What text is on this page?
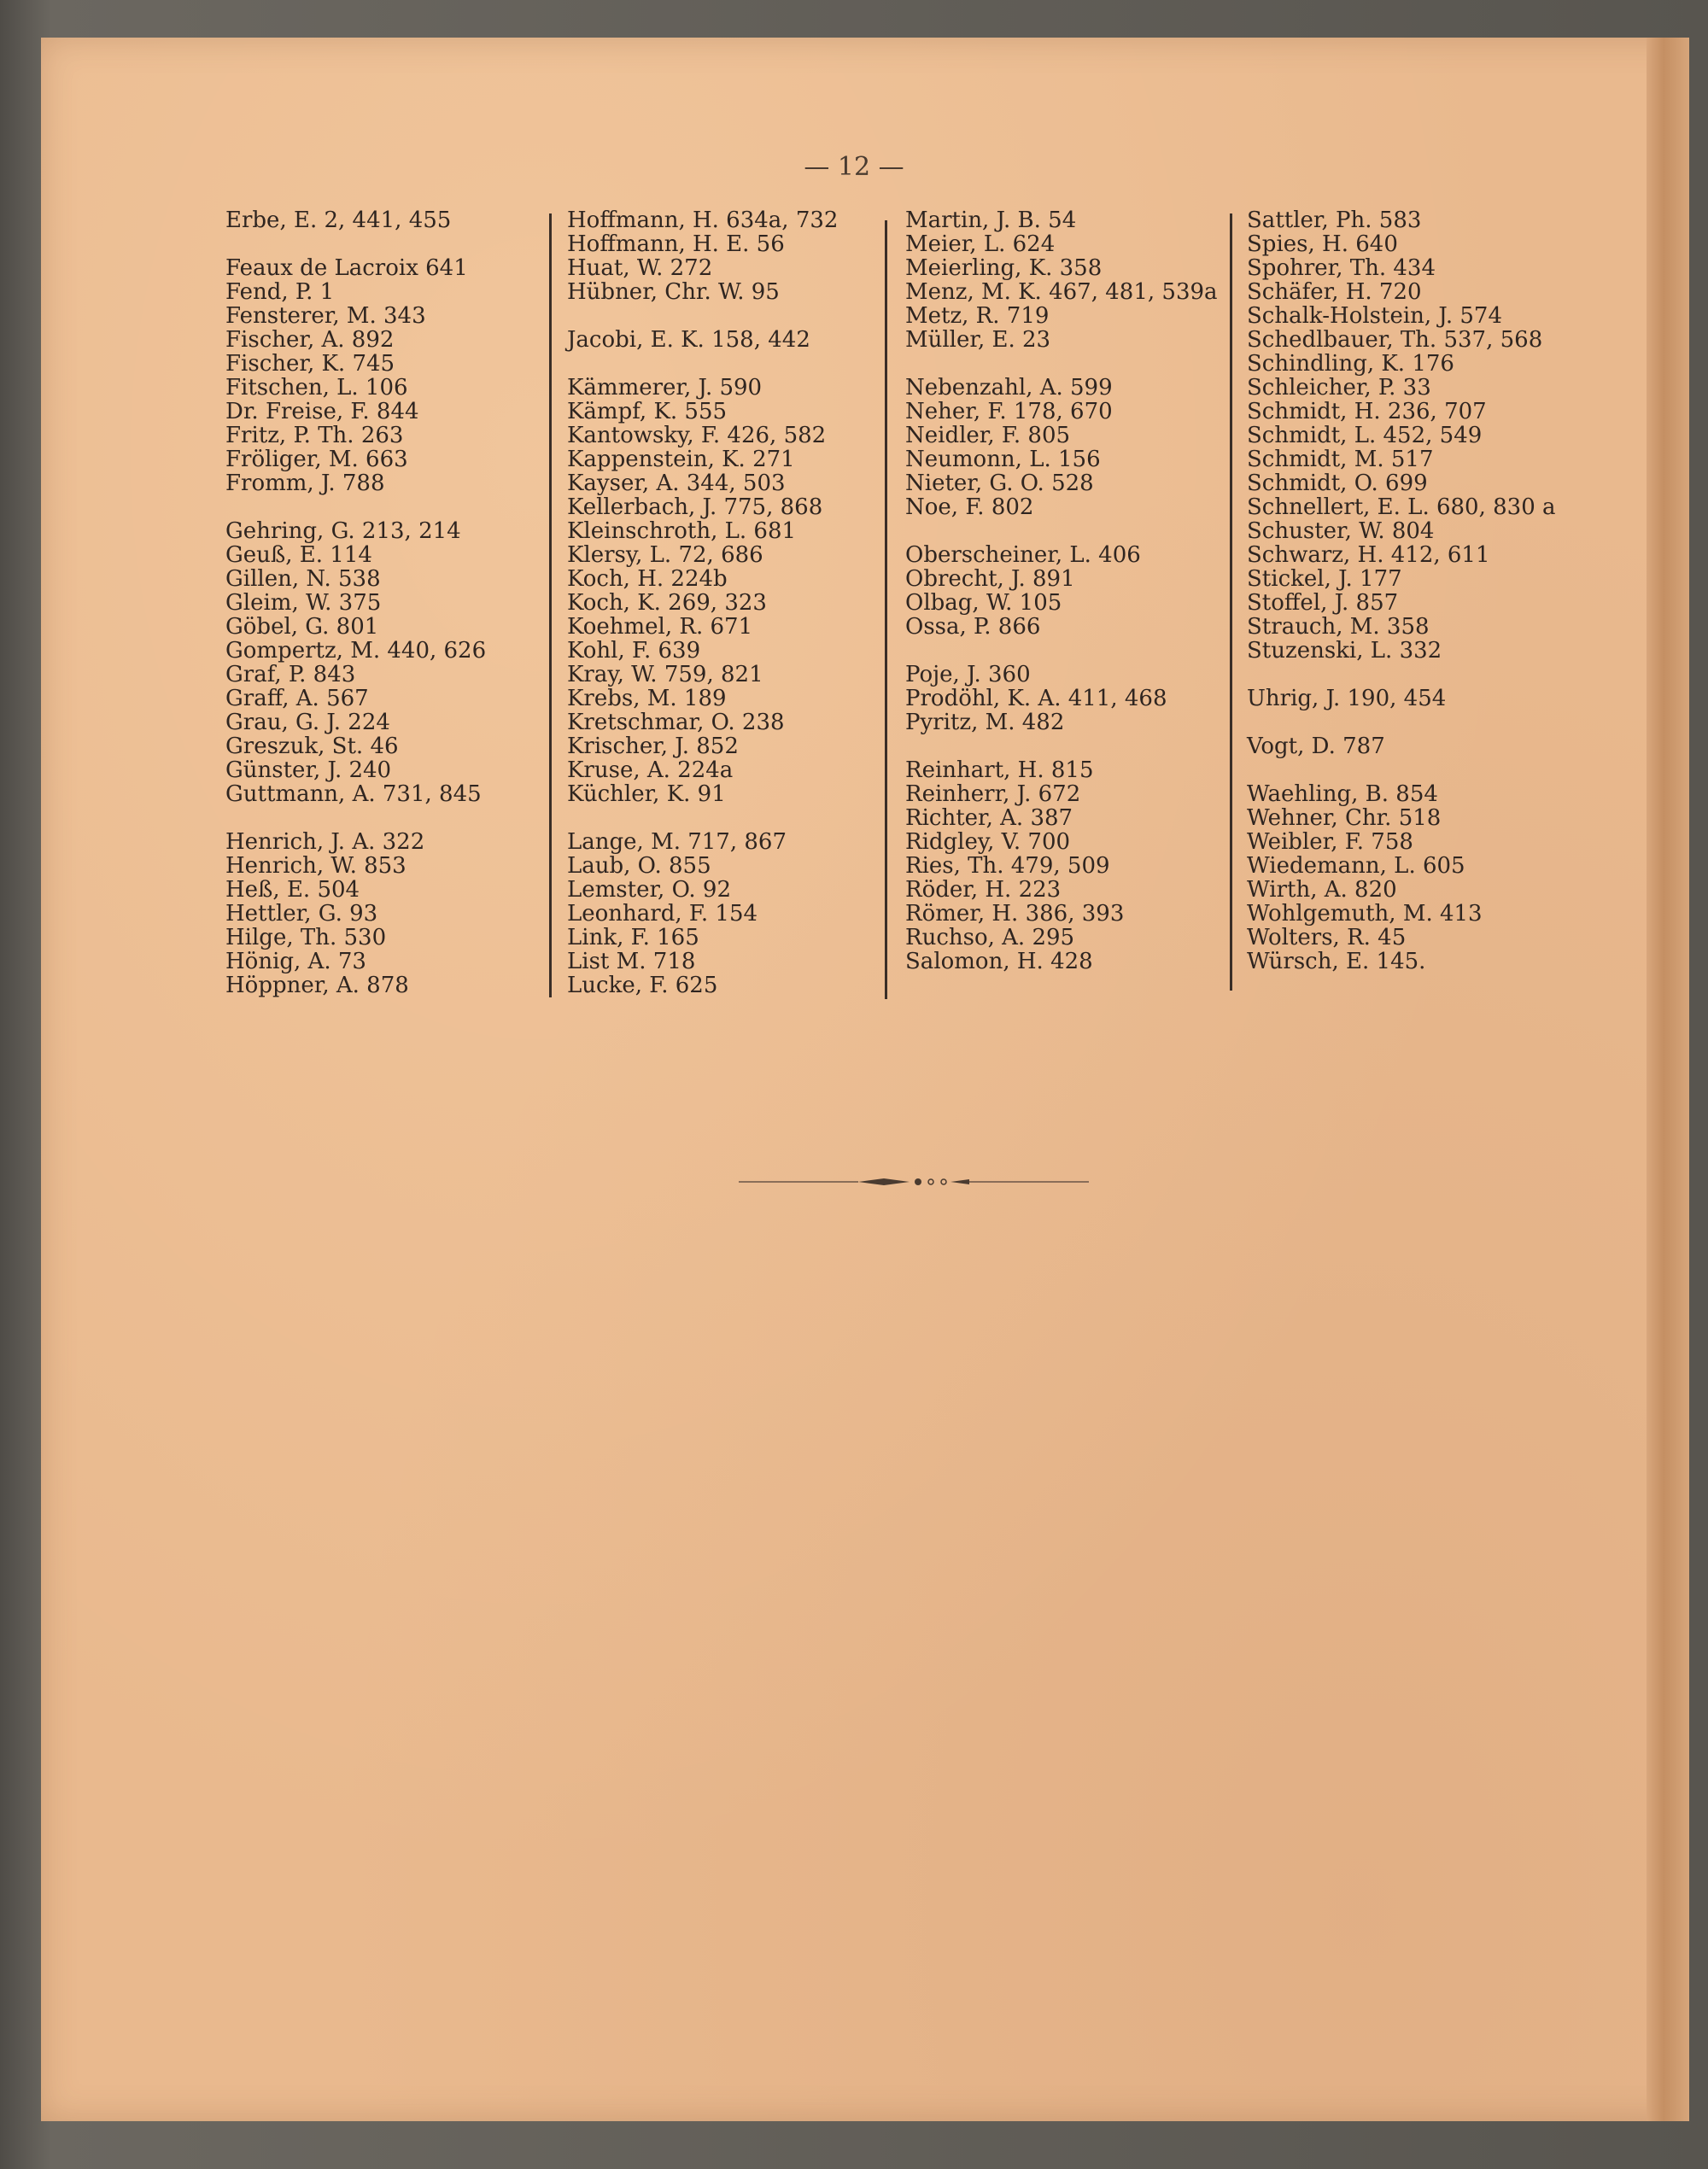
— 12 —
Erbe, E. 2, 441, 455
Feaux de Lacroix 641
Fend, P. 1
Fensterer, M. 343
Fischer, A. 892
Fischer, K. 745
Fitschen, L. 106
Dr. Freise, F. 844
Fritz, P. Th. 263
Fröliger, M. 663
Fromm, J. 788
Gehring, G. 213, 214
Geuß, E. 114
Gillen, N. 538
Gleim, W. 375
Göbel, G. 801
Gompertz, M. 440, 626
Graf, P. 843
Graff, A. 567
Grau, G. J. 224
Greszuk, St. 46
Günster, J. 240
Guttmann, A. 731, 845
Henrich, J. A. 322
Henrich, W. 853
Heß, E. 504
Hettler, G. 93
Hilge, Th. 530
Hönig, A. 73
Höppner, A. 878
Hoffmann, H. 634a, 732
Hoffmann, H. E. 56
Huat, W. 272
Hübner, Chr. W. 95
Jacobi, E. K. 158, 442
Kämmerer, J. 590
Kämpf, K. 555
Kantowsky, F. 426, 582
Kappenstein, K. 271
Kayser, A. 344, 503
Kellerbach, J. 775, 868
Kleinschroth, L. 681
Klersy, L. 72, 686
Koch, H. 224b
Koch, K. 269, 323
Koehmel, R. 671
Kohl, F. 639
Kray, W. 759, 821
Krebs, M. 189
Kretschmar, O. 238
Krischer, J. 852
Kruse, A. 224a
Küchler, K. 91
Lange, M. 717, 867
Laub, O. 855
Lemster, O. 92
Leonhard, F. 154
Link, F. 165
List M. 718
Lucke, F. 625
Martin, J. B. 54
Meier, L. 624
Meierling, K. 358
Menz, M. K. 467, 481, 539a
Metz, R. 719
Müller, E. 23
Nebenzahl, A. 599
Neher, F. 178, 670
Neidler, F. 805
Neumonn, L. 156
Nieter, G. O. 528
Noe, F. 802
Oberscheiner, L. 406
Obrecht, J. 891
Olbag, W. 105
Ossa, P. 866
Poje, J. 360
Prodöhl, K. A. 411, 468
Pyritz, M. 482
Reinhart, H. 815
Reinherr, J. 672
Richter, A. 387
Ridgley, V. 700
Ries, Th. 479, 509
Röder, H. 223
Römer, H. 386, 393
Ruchso, A. 295
Salomon, H. 428
Sattler, Ph. 583
Spies, H. 640
Spohrer, Th. 434
Schäfer, H. 720
Schalk-Holstein, J. 574
Schedlbauer, Th. 537, 568
Schindling, K. 176
Schleicher, P. 33
Schmidt, H. 236, 707
Schmidt, L. 452, 549
Schmidt, M. 517
Schmidt, O. 699
Schnellert, E. L. 680, 830 a
Schuster, W. 804
Schwarz, H. 412, 611
Stickel, J. 177
Stoffel, J. 857
Strauch, M. 358
Stuzenski, L. 332
Uhrig, J. 190, 454
Vogt, D. 787
Waehling, B. 854
Wehner, Chr. 518
Weibler, F. 758
Wiedemann, L. 605
Wirth, A. 820
Wohlgemuth, M. 413
Wolters, R. 45
Würsch, E. 145.
